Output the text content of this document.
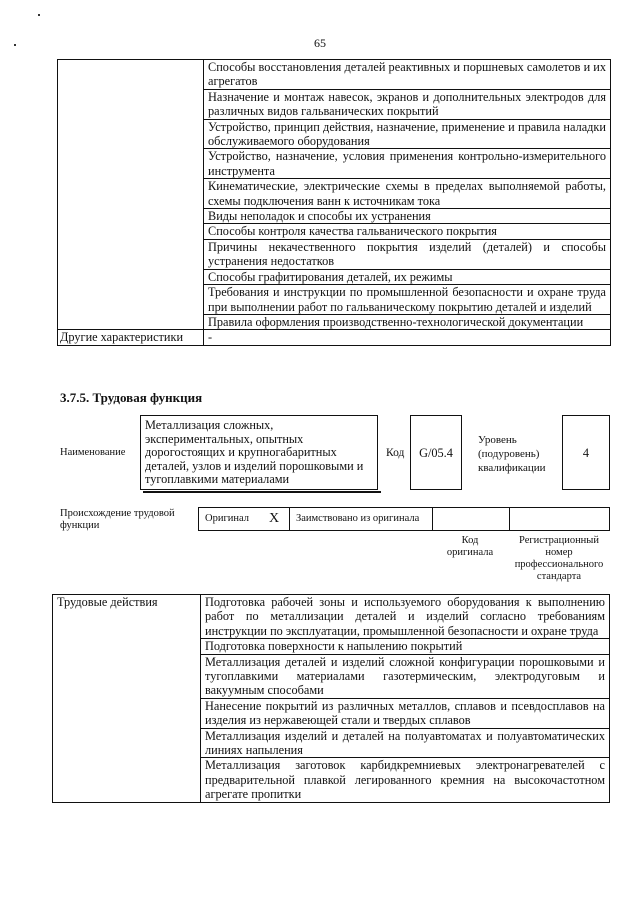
65
	Способы восстановления деталей реактивных и поршневых самолетов и их агрегатов
	Назначение и монтаж навесок, экранов и дополнительных электродов для различных видов гальванических покрытий
	Устройство, принцип действия, назначение, применение и правила наладки обслуживаемого оборудования
	Устройство, назначение, условия применения контрольно-измерительного инструмента
	Кинематические, электрические схемы в пределах выполняемой работы, схемы подключения ванн к источникам тока
	Виды неполадок и способы их устранения
	Способы контроля качества гальванического покрытия
	Причины некачественного покрытия изделий (деталей) и способы устранения недостатков
	Способы графитирования деталей, их режимы
	Требования и инструкции по промышленной безопасности и охране труда при выполнении работ по гальваническому покрытию деталей и изделий
	Правила оформления производственно-технологической документации
Другие характеристики	-
3.7.5. Трудовая функция
Наименование
Металлизация сложных, экспериментальных, опытных дорогостоящих и крупногабаритных деталей, узлов и изделий порошковыми и тугоплавкими материалами
Код	G/05.4
Уровень (подуровень) квалификации
4
Происхождение трудовой функции
Оригинал X	Заимствовано из оригинала
Код оригинала
Регистрационный номер профессионального стандарта
Трудовые действия	Подготовка рабочей зоны и используемого оборудования к выполнению работ по металлизации деталей и изделий согласно требованиям инструкции по эксплуатации, промышленной безопасности и охране труда
Подготовка поверхности к напылению покрытий
Металлизация деталей и изделий сложной конфигурации порошковыми и тугоплавкими материалами газотермическим, электродуговым и вакуумным способами
Нанесение покрытий из различных металлов, сплавов и псевдосплавов на изделия из нержавеющей стали и твердых сплавов
Металлизация изделий и деталей на полуавтоматах и полуавтоматических линиях напыления
Металлизация заготовок карбидкремниевых электронагревателей с предварительной плавкой легированного кремния на высокочастотном агрегате пропитки
